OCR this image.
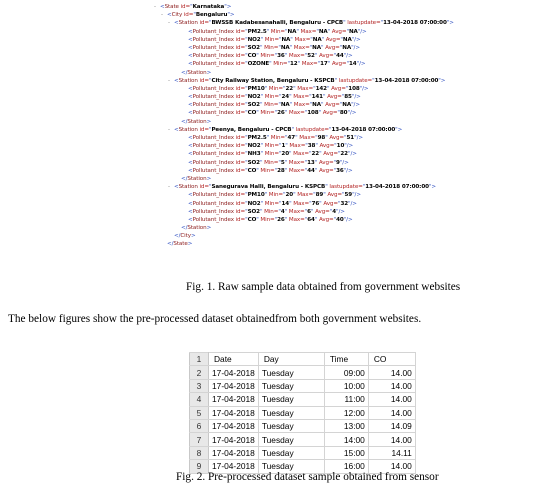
- <State id="Karnataka">
- <City id="Bengaluru">
- <Station id="BWSSB Kadabesanahalli, Bengaluru - CPCB" lastupdate="13-04-2018 07:00:00">
<Pollutant_Index id="PM2.5" Min="NA" Max="NA" Avg="NA"/>
<Pollutant_Index id="NO2" Min="NA" Max="NA" Avg="NA"/>
<Pollutant_Index id="SO2" Min="NA" Max="NA" Avg="NA"/>
<Pollutant_Index id="CO" Min="36" Max="52" Avg="44"/>
<Pollutant_Index id="OZONE" Min="12" Max="17" Avg="14"/>
</Station>
- <Station id="City Railway Station, Bengaluru - KSPCB" lastupdate="13-04-2018 07:00:00">
<Pollutant_Index id="PM10" Min="22" Max="142" Avg="108"/>
<Pollutant_Index id="NO2" Min="24" Max="141" Avg="85"/>
<Pollutant_Index id="SO2" Min="NA" Max="NA" Avg="NA"/>
<Pollutant_Index id="CO" Min="26" Max="108" Avg="80"/>
</Station>
- <Station id="Peenya, Bengaluru - CPCB" lastupdate="13-04-2018 07:00:00">
<Pollutant_Index id="PM2.5" Min="47" Max="98" Avg="51"/>
<Pollutant_Index id="NO2" Min="1" Max="38" Avg="10"/>
<Pollutant_Index id="NH3" Min="20" Max="22" Avg="22"/>
<Pollutant_Index id="SO2" Min="5" Max="13" Avg="9"/>
<Pollutant_Index id="CO" Min="28" Max="44" Avg="36"/>
</Station>
- <Station id="Sanegurava Halli, Bengaluru - KSPCB" lastupdate="13-04-2018 07:00:00">
<Pollutant_Index id="PM10" Min="20" Max="89" Avg="59"/>
<Pollutant_Index id="NO2" Min="14" Max="76" Avg="32"/>
<Pollutant_Index id="SO2" Min="4" Max="6" Avg="4"/>
<Pollutant_Index id="CO" Min="26" Max="64" Avg="40"/>
</Station>
</City>
</State>
Fig. 1. Raw sample data obtained from government websites
The below figures show the pre-processed dataset obtainedfrom both government websites.
1	Date	Day	Time	CO
2	17-04-2018	Tuesday	09:00	14.00
3	17-04-2018	Tuesday	10:00	14.00
4	17-04-2018	Tuesday	11:00	14.00
5	17-04-2018	Tuesday	12:00	14.00
6	17-04-2018	Tuesday	13:00	14.09
7	17-04-2018	Tuesday	14:00	14.00
8	17-04-2018	Tuesday	15:00	14.11
9	17-04-2018	Tuesday	16:00	14.00
Fig. 2. Pre-processed dataset sample obtained from sensor
